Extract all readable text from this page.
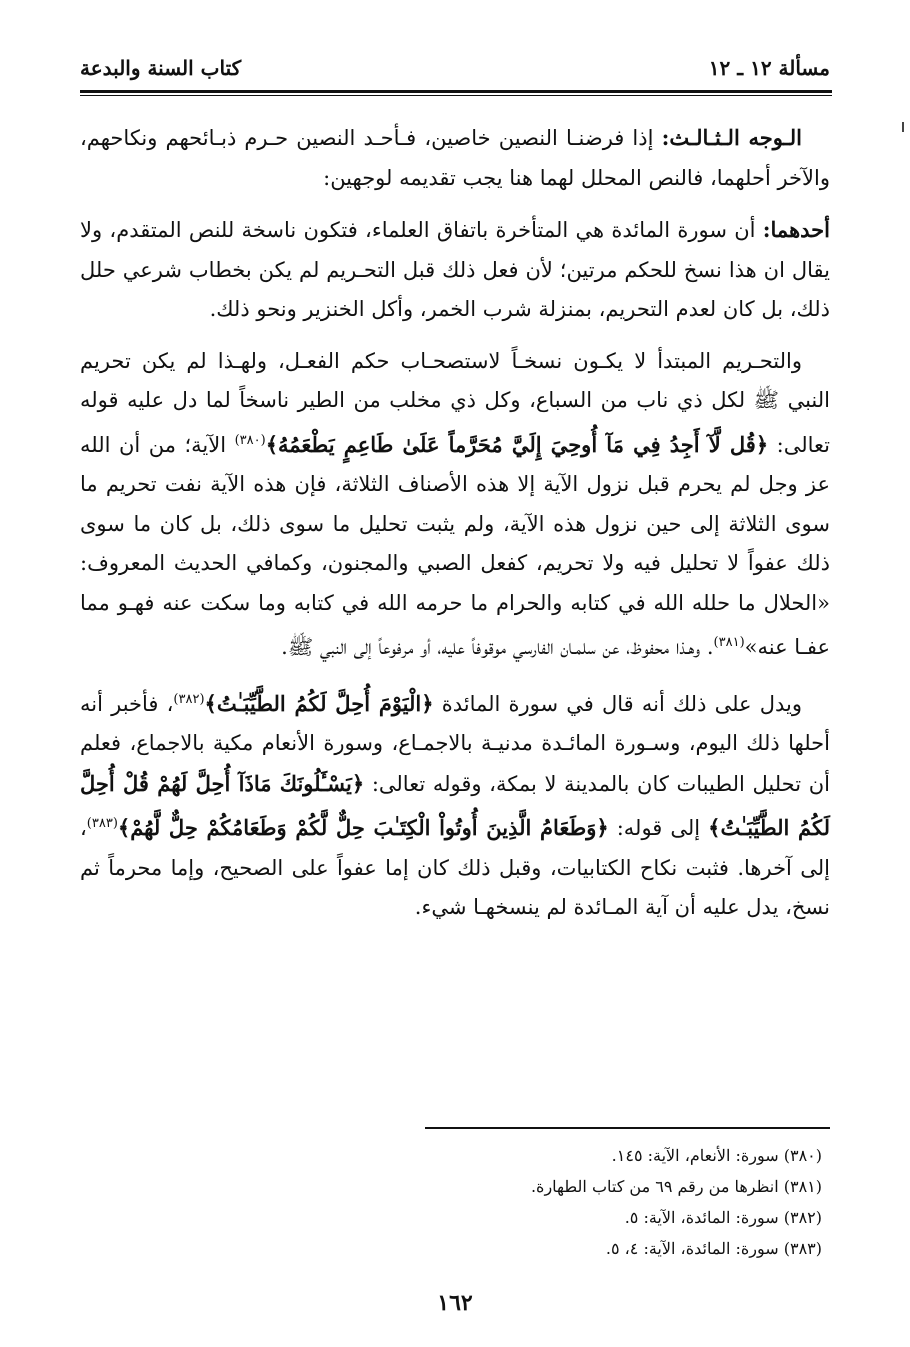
مسألة ١٢ ـ ١٢
كتاب السنة والبدعة

الـوجه الـثـالـث: إذا فرضنـا النصين خاصين، فـأحـد النصين حـرم ذبـائحهم ونكاحهم، والآخر أحلهما، فالنص المحلل لهما هنا يجب تقديمه لوجهين:

أحدهما: أن سورة المائدة هي المتأخرة باتفاق العلماء، فتكون ناسخة للنص المتقدم، ولا يقال ان هذا نسخ للحكم مرتين؛ لأن فعل ذلك قبل التحـريم لم يكن بخطاب شرعي حلل ذلك، بل كان لعدم التحريم، بمنزلة شرب الخمر، وأكل الخنزير ونحو ذلك.

والتحـريم المبتدأ لا يكـون نسخـاً لاستصحـاب حكم الفعـل، ولهـذا لم يكن تحريم النبي ﷺ لكل ذي ناب من السباع، وكل ذي مخلب من الطير ناسخاً لما دل عليه قوله تعالى: ﴿قُل لَّآ أَجِدُ فِي مَآ أُوحِيَ إِلَيَّ مُحَرَّماً عَلَىٰ طَاعِمٍ يَطْعَمُهُ﴾$^{(٣٨٠)}$ الآية؛ من أن الله عز وجل لم يحرم قبل نزول الآية إلا هذه الأصناف الثلاثة، فإن هذه الآية نفت تحريم ما سوى الثلاثة إلى حين نزول هذه الآية، ولم يثبت تحليل ما سوى ذلك، بل كان ما سوى ذلك عفواً لا تحليل فيه ولا تحريم، كفعل الصبي والمجنون، وكمافي الحديث المعروف: «الحلال ما حلله الله في كتابه والحرام ما حرمه الله في كتابه وما سكت عنه فهـو مما عفـا عنه»$^{(٣٨١)}$. وهـذا محفوظ، عن سلمـان الفارسي موقوفاً عليه، أو مرفوعاً إلى النبي ﷺ.

ويدل على ذلك أنه قال في سورة المائدة ﴿الْيَوْمَ أُحِلَّ لَكُمُ الطَّيِّبَـٰتُ﴾$^{(٣٨٢)}$، فأخبر أنه أحلها ذلك اليوم، وسـورة المائـدة مدنيـة بالاجمـاع، وسورة الأنعام مكية بالاجماع، فعلم أن تحليل الطيبات كان بالمدينة لا بمكة، وقوله تعالى: ﴿يَسْـَٔلُونَكَ مَاذَآ أُحِلَّ لَهُمْ قُلْ أُحِلَّ لَكُمُ الطَّيِّبَـٰتُ﴾ إلى قوله: ﴿وَطَعَامُ الَّذِينَ أُوتُواْ الْكِتَـٰبَ حِلٌّ لَّكُمْ وَطَعَامُكُمْ حِلٌّ لَّهُمْ﴾$^{(٣٨٣)}$، إلى آخرها. فثبت نكاح الكتابيات، وقبل ذلك كان إما عفواً على الصحيح، وإما محرماً ثم نسخ، يدل عليه أن آية المـائدة لم ينسخهـا شيء.

(٣٨٠) سورة: الأنعام، الآية: ١٤٥.
(٣٨١) انظرها من رقم ٦٩ من كتاب الطهارة.
(٣٨٢) سورة: المائدة، الآية: ٥.
(٣٨٣) سورة: المائدة، الآية: ٤، ٥.
١٦٢
